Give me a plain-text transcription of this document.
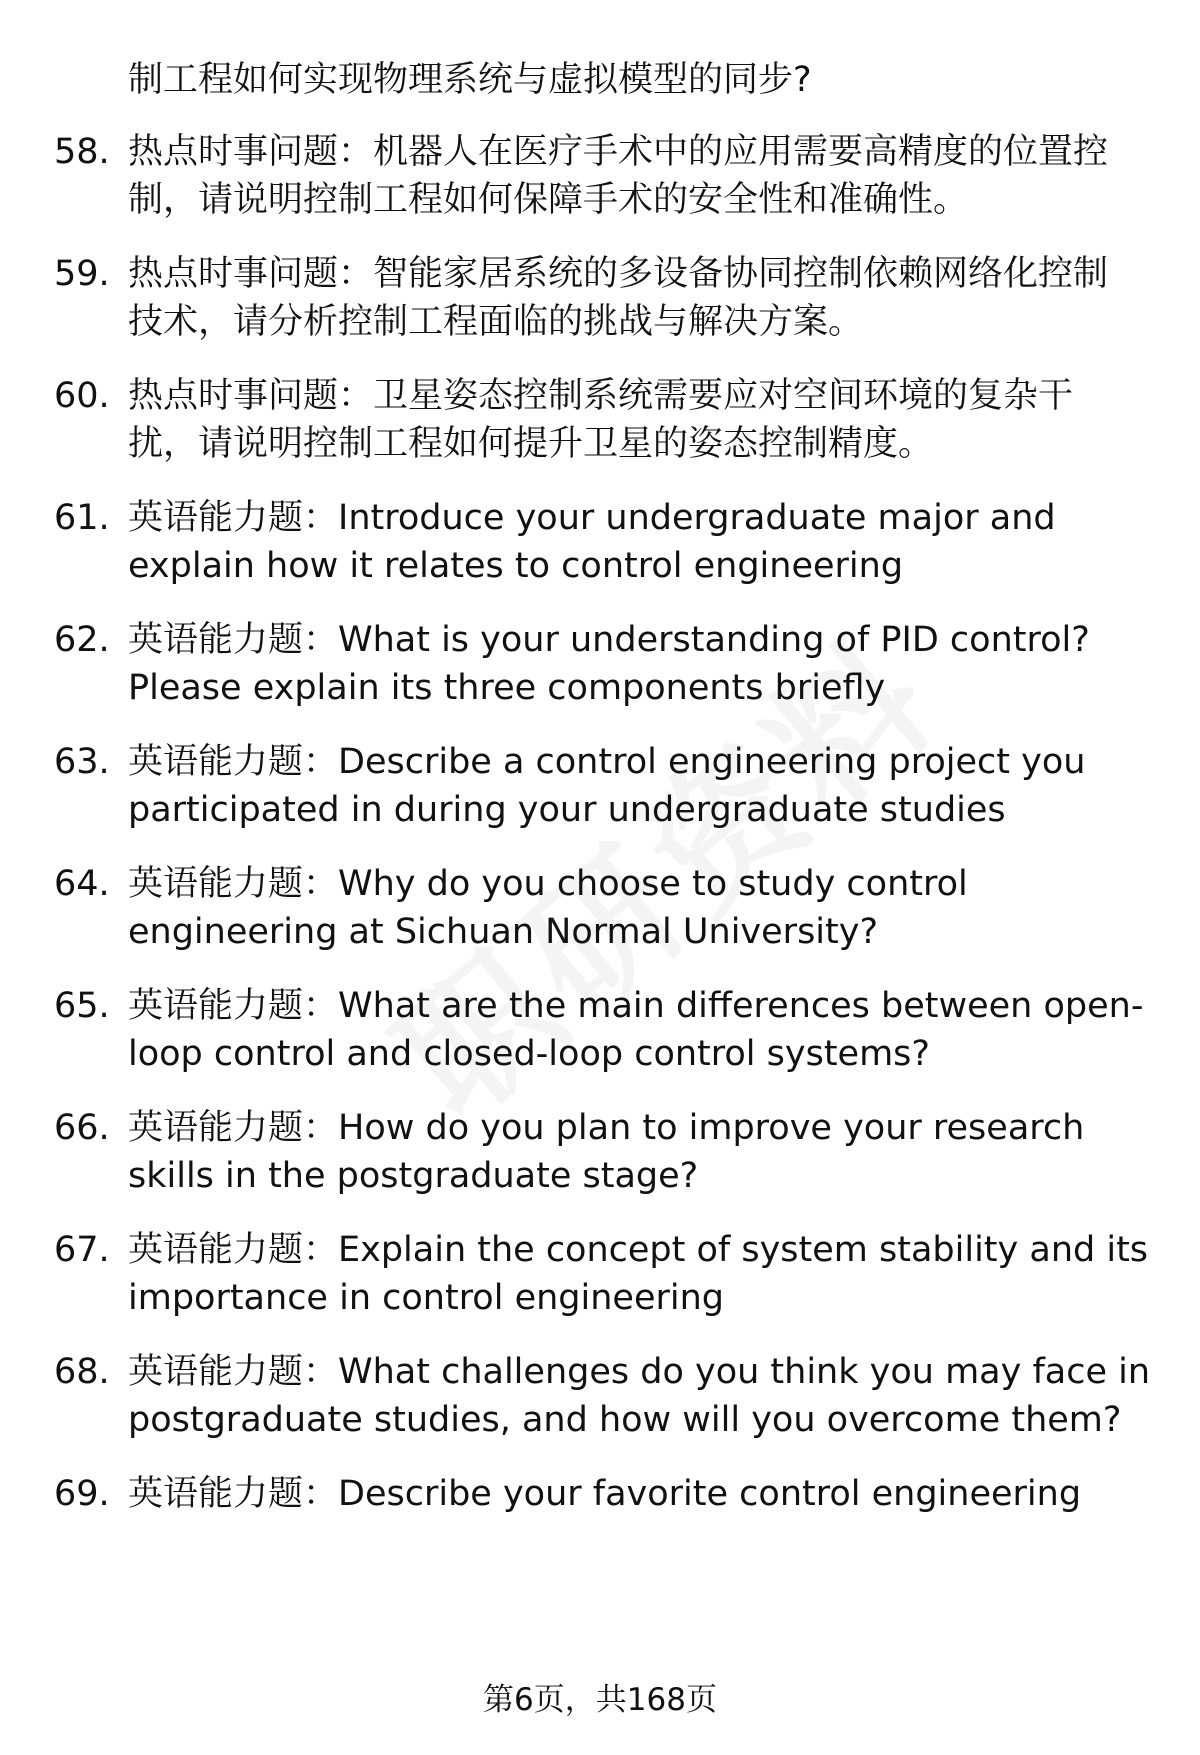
制工程如何实现物理系统与虚拟模型的同步?
58. 热点时事问题：机器人在医疗手术中的应用需要高精度的位置控
制，请说明控制工程如何保障手术的安全性和准确性。
59. 热点时事问题：智能家居系统的多设备协同控制依赖网络化控制
技术，请分析控制工程面临的挑战与解决方案。
60. 热点时事问题：卫星姿态控制系统需要应对空间环境的复杂干
扰，请说明控制工程如何提升卫星的姿态控制精度。
61. 英语能力题：Introduce your undergraduate major and
explain how it relates to control engineering
62. 英语能力题：What is your understanding of PID control?
Please explain its three components briefly
63. 英语能力题：Describe a control engineering project you
participated in during your undergraduate studies
64. 英语能力题：Why do you choose to study control
engineering at Sichuan Normal University?
65. 英语能力题：What are the main differences between open-
loop control and closed-loop control systems?
66. 英语能力题：How do you plan to improve your research
skills in the postgraduate stage?
67. 英语能力题：Explain the concept of system stability and its
importance in control engineering
68. 英语能力题：What challenges do you think you may face in
postgraduate studies, and how will you overcome them?
69. 英语能力题：Describe your favorite control engineering
第6页，共168页
